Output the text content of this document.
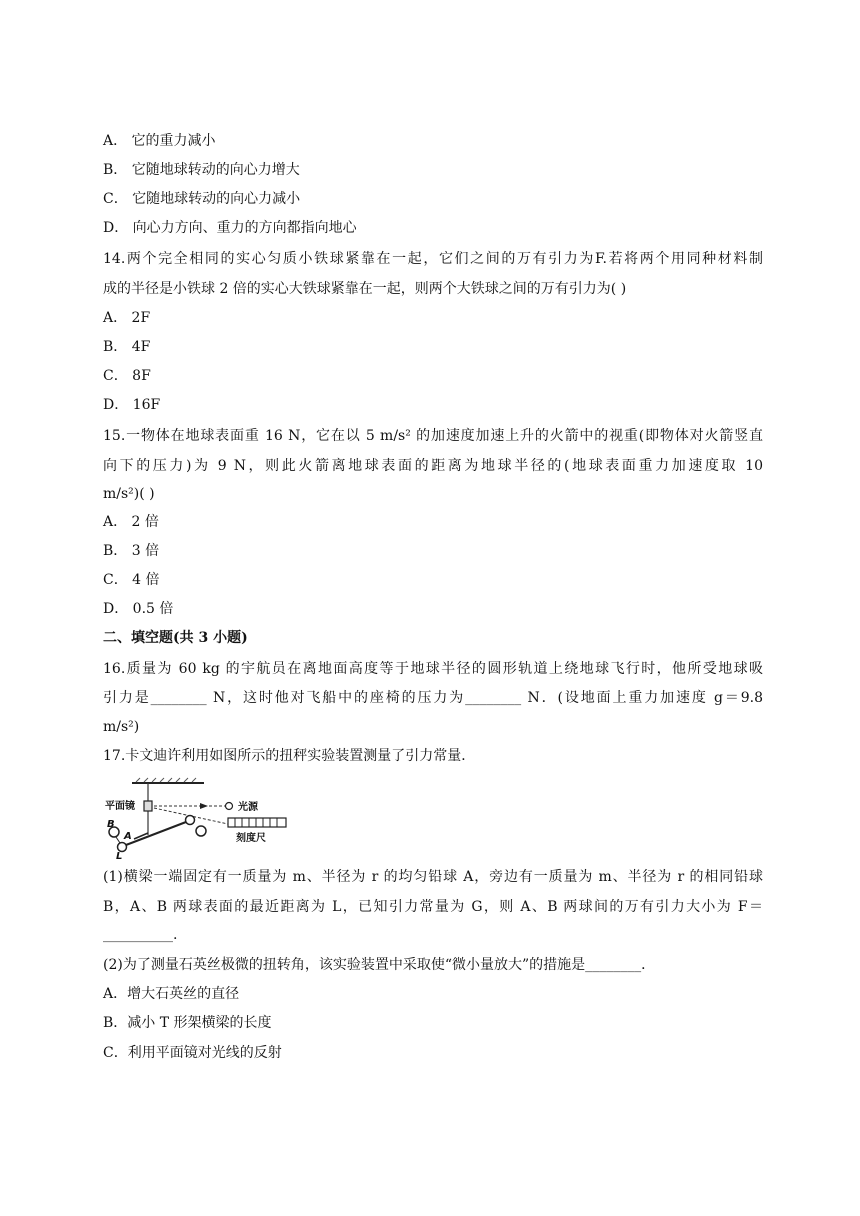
A． 它的重力减小
B． 它随地球转动的向心力增大
C． 它随地球转动的向心力减小
D． 向心力方向、重力的方向都指向地心
14.两个完全相同的实心匀质小铁球紧靠在一起，它们之间的万有引力为F.若将两个用同种材料制
成的半径是小铁球 2 倍的实心大铁球紧靠在一起，则两个大铁球之间的万有引力为( )
A． 2F
B． 4F
C． 8F
D． 16F
15.一物体在地球表面重 16 N，它在以 5 m/s² 的加速度加速上升的火箭中的视重(即物体对火箭竖直
向下的压力)为 9 N，则此火箭离地球表面的距离为地球半径的(地球表面重力加速度取 10
m/s²)( )
A． 2 倍
B． 3 倍
C． 4 倍
D． 0.5 倍
二、填空题(共 3 小题)
16.质量为 60 kg 的宇航员在离地面高度等于地球半径的圆形轨道上绕地球飞行时，他所受地球吸
引力是________ N，这时他对飞船中的座椅的压力为________ N．(设地面上重力加速度 g＝9.8
m/s²)
17.卡文迪许利用如图所示的扭秤实验装置测量了引力常量．
平面镜	光源
刻度尺
B
A
L
(1)横梁一端固定有一质量为 m、半径为 r 的均匀铅球 A，旁边有一质量为 m、半径为 r 的相同铅球
B，A、B 两球表面的最近距离为 L，已知引力常量为 G，则 A、B 两球间的万有引力大小为 F＝
__________.
(2)为了测量石英丝极微的扭转角，该实验装置中采取使“微小量放大”的措施是________．
A．增大石英丝的直径
B．减小 T 形架横梁的长度
C．利用平面镜对光线的反射
